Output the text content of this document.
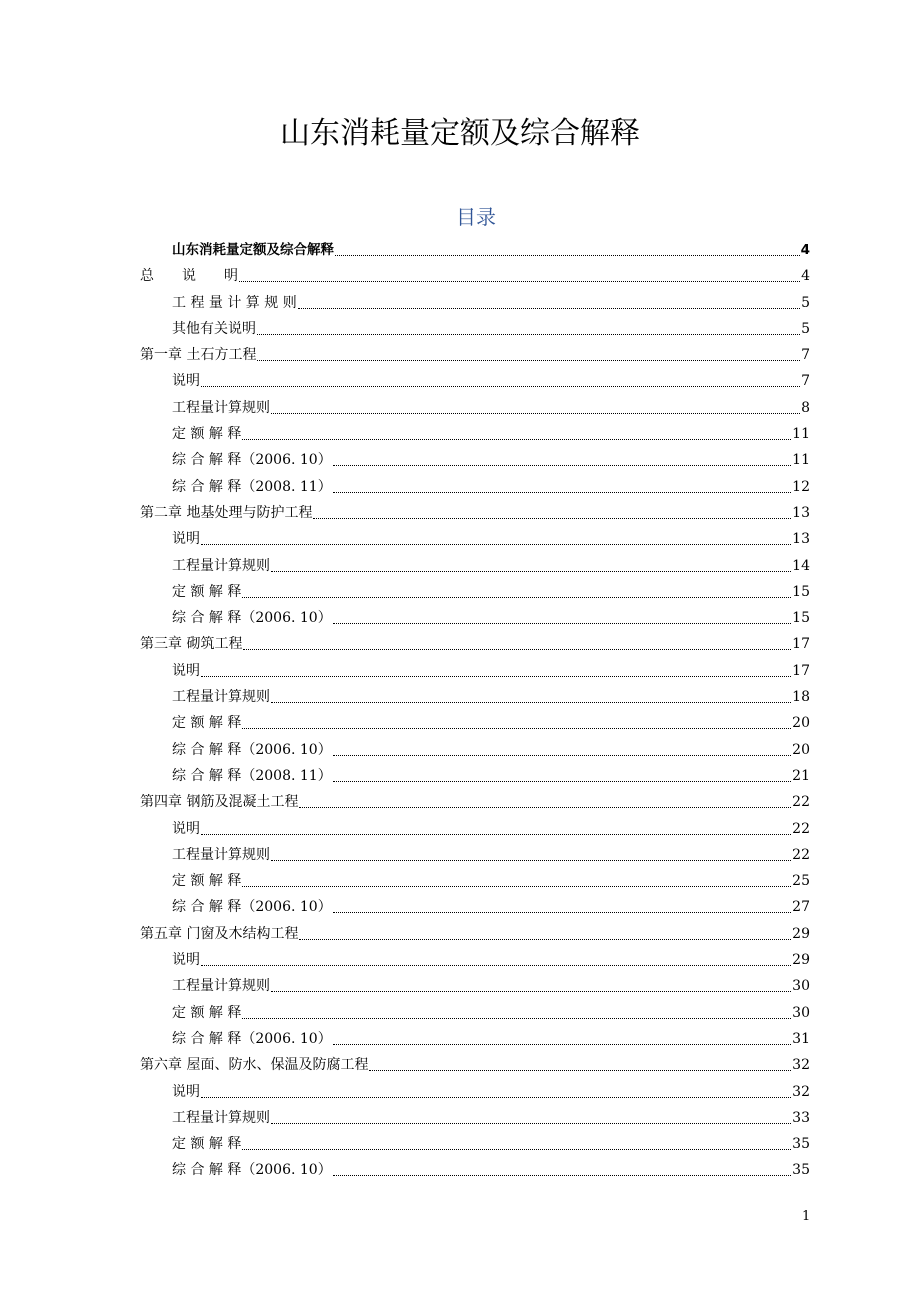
山东消耗量定额及综合解释
目录
山东消耗量定额及综合解释	4
总　　说　　明	4
工 程 量 计 算 规 则	5
其他有关说明	5
第一章 土石方工程	7
说明	7
工程量计算规则	8
定 额 解 释	11
综 合 解 释（2006. 10）	11
综 合 解 释（2008. 11）	12
第二章 地基处理与防护工程	13
说明	13
工程量计算规则	14
定 额 解 释	15
综 合 解 释（2006. 10）	15
第三章 砌筑工程	17
说明	17
工程量计算规则	18
定 额 解 释	20
综 合 解 释（2006. 10）	20
综 合 解 释（2008. 11）	21
第四章 钢筋及混凝土工程	22
说明	22
工程量计算规则	22
定 额 解 释	25
综 合 解 释（2006. 10）	27
第五章 门窗及木结构工程	29
说明	29
工程量计算规则	30
定 额 解 释	30
综 合 解 释（2006. 10）	31
第六章 屋面、防水、保温及防腐工程	32
说明	32
工程量计算规则	33
定 额 解 释	35
综 合 解 释（2006. 10）	35
1
